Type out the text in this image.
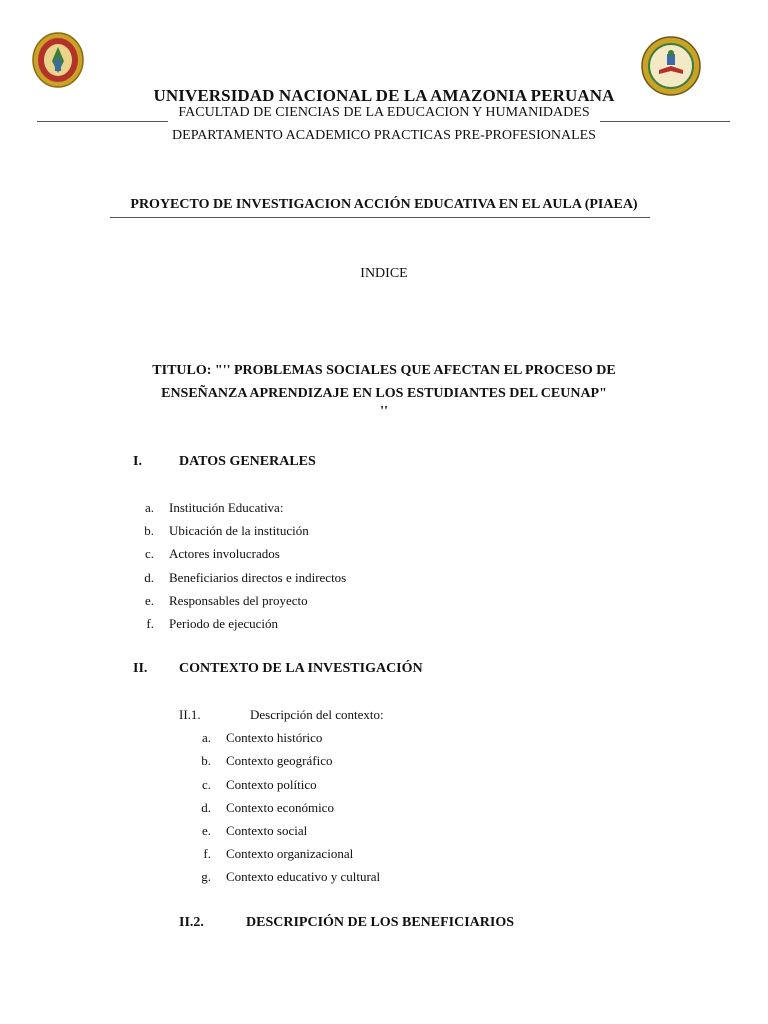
UNIVERSIDAD NACIONAL DE LA AMAZONIA PERUANA
FACULTAD DE CIENCIAS DE LA EDUCACION Y HUMANIDADES
DEPARTAMENTO ACADEMICO PRACTICAS PRE-PROFESIONALES
PROYECTO DE INVESTIGACION ACCIÓN EDUCATIVA EN EL AULA (PIAEA)
INDICE
TITULO: "'' PROBLEMAS SOCIALES QUE AFECTAN EL PROCESO DE
ENSEÑANZA APRENDIZAJE EN LOS ESTUDIANTES DEL CEUNAP"
''
I.	DATOS GENERALES
a. Institución Educativa:
b. Ubicación de la institución
c. Actores involucrados
d. Beneficiarios directos e indirectos
e. Responsables del proyecto
f. Periodo de ejecución
II. CONTEXTO DE LA INVESTIGACIÓN
II.1.	Descripción del contexto:
a. Contexto histórico
b. Contexto geográfico
c. Contexto político
d. Contexto económico
e. Contexto social
f. Contexto organizacional
g. Contexto educativo y cultural
II.2.	DESCRIPCIÓN DE LOS BENEFICIARIOS
